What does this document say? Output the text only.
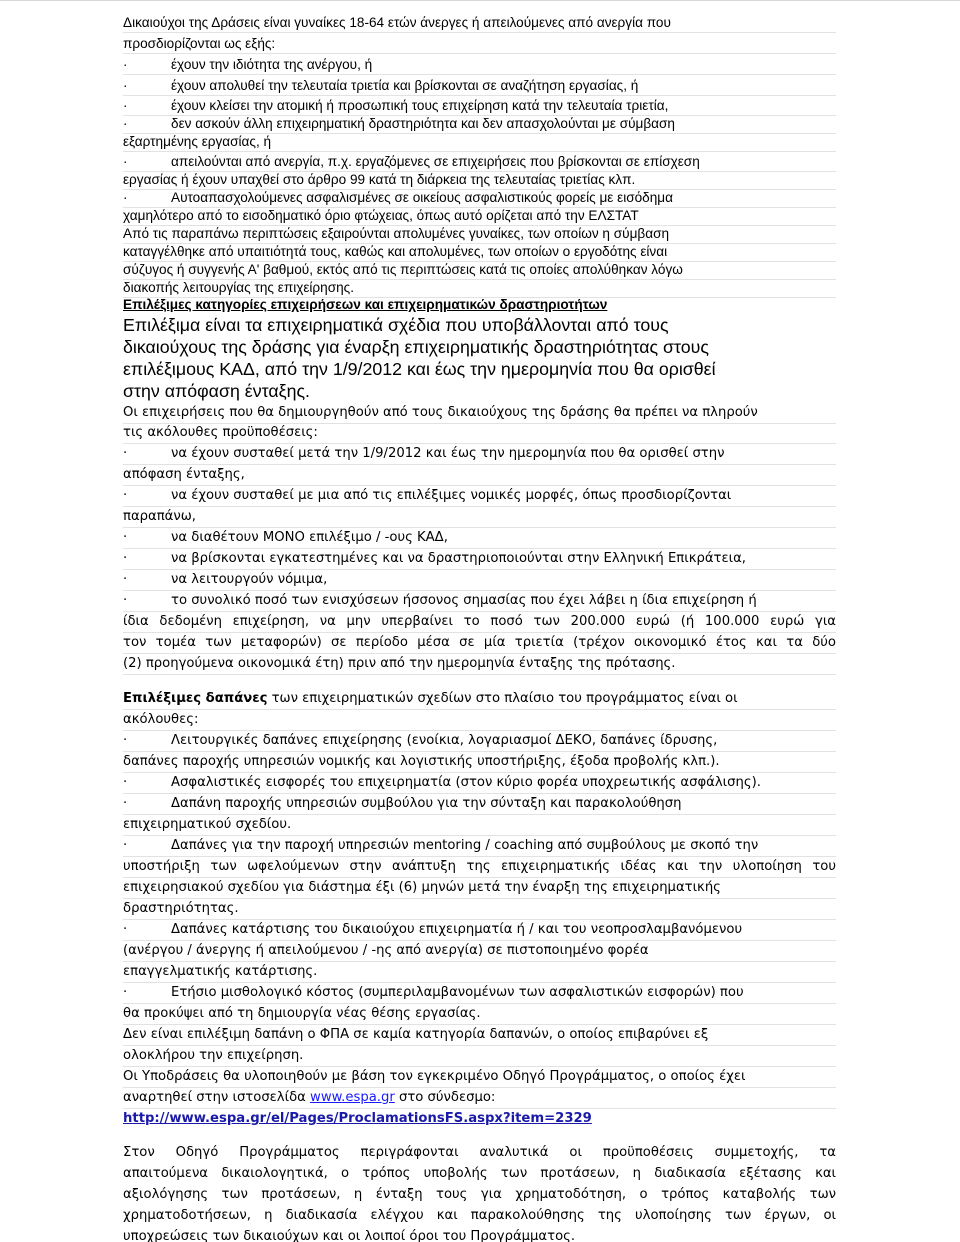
Δικαιούχοι της Δράσεις είναι γυναίκες 18-64 ετών άνεργες ή απειλούμενες από ανεργία που
προσδιορίζονται ως εξής:
·	έχουν την ιδιότητα της ανέργου, ή
·	έχουν απολυθεί την τελευταία τριετία και βρίσκονται σε αναζήτηση εργασίας, ή
·	έχουν κλείσει την ατομική ή προσωπική τους επιχείρηση κατά την τελευταία τριετία,
·	δεν ασκούν άλλη επιχειρηματική δραστηριότητα και δεν απασχολούνται με σύμβαση
εξαρτημένης εργασίας, ή
·	απειλούνται από ανεργία, π.χ. εργαζόμενες σε επιχειρήσεις που βρίσκονται σε επίσχεση
εργασίας ή έχουν υπαχθεί στο άρθρο 99 κατά τη διάρκεια της τελευταίας τριετίας κλπ.
·	Αυτοαπασχολούμενες ασφαλισμένες σε οικείους ασφαλιστικούς φορείς με εισόδημα
χαμηλότερο από το εισοδηματικό όριο φτώχειας, όπως αυτό ορίζεται από την ΕΛΣΤΑΤ
Από τις παραπάνω περιπτώσεις εξαιρούνται απολυμένες γυναίκες, των οποίων η σύμβαση
καταγγέλθηκε από υπαιτιότητά τους, καθώς και απολυμένες, των οποίων ο εργοδότης είναι
σύζυγος ή συγγενής Α' βαθμού, εκτός από τις περιπτώσεις κατά τις οποίες απολύθηκαν λόγω
διακοπής λειτουργίας της επιχείρησης.
Επιλέξιμες κατηγορίες επιχειρήσεων και επιχειρηματικών δραστηριοτήτων
Επιλέξιμα είναι τα επιχειρηματικά σχέδια που υποβάλλονται από τους
δικαιούχους της δράσης για έναρξη επιχειρηματικής δραστηριότητας στους
επιλέξιμους ΚΑΔ, από την 1/9/2012 και έως την ημερομηνία που θα ορισθεί
στην απόφαση ένταξης.
Οι επιχειρήσεις που θα δημιουργηθούν από τους δικαιούχους της δράσης θα πρέπει να πληρούν
τις ακόλουθες προϋποθέσεις:
·	να έχουν συσταθεί μετά την 1/9/2012 και έως την ημερομηνία που θα ορισθεί στην
απόφαση ένταξης,
·	να έχουν συσταθεί με μια από τις επιλέξιμες νομικές μορφές, όπως προσδιορίζονται
παραπάνω,
·	να διαθέτουν ΜΟΝΟ επιλέξιμο / -ους ΚΑΔ,
·	να βρίσκονται εγκατεστημένες και να δραστηριοποιούνται στην Ελληνική Επικράτεια,
·	να λειτουργούν νόμιμα,
·	το συνολικό ποσό των ενισχύσεων ήσσονος σημασίας που έχει λάβει η ίδια επιχείρηση ή
ίδια δεδομένη επιχείρηση, να μην υπερβαίνει το ποσό των 200.000 ευρώ (ή 100.000 ευρώ για
τον τομέα των μεταφορών) σε περίοδο μέσα σε μία τριετία (τρέχον οικονομικό έτος και τα δύο
(2) προηγούμενα οικονομικά έτη) πριν από την ημερομηνία ένταξης της πρότασης.
Επιλέξιμες δαπάνες των επιχειρηματικών σχεδίων στο πλαίσιο του προγράμματος είναι οι
ακόλουθες:
·	Λειτουργικές δαπάνες επιχείρησης (ενοίκια, λογαριασμοί ΔΕΚΟ, δαπάνες ίδρυσης,
δαπάνες παροχής υπηρεσιών νομικής και λογιστικής υποστήριξης, έξοδα προβολής κλπ.).
·	Ασφαλιστικές εισφορές του επιχειρηματία (στον κύριο φορέα υποχρεωτικής ασφάλισης).
·	Δαπάνη παροχής υπηρεσιών συμβούλου για την σύνταξη και παρακολούθηση
επιχειρηματικού σχεδίου.
·	Δαπάνες για την παροχή υπηρεσιών mentoring / coaching από συμβούλους με σκοπό την
υποστήριξη των ωφελούμενων στην ανάπτυξη της επιχειρηματικής ιδέας και την υλοποίηση του
επιχειρησιακού σχεδίου για διάστημα έξι (6) μηνών μετά την έναρξη της επιχειρηματικής
δραστηριότητας.
·	Δαπάνες κατάρτισης του δικαιούχου επιχειρηματία ή / και του νεοπροσλαμβανόμενου
(ανέργου / άνεργης ή απειλούμενου / -ης από ανεργία) σε πιστοποιημένο φορέα
επαγγελματικής κατάρτισης.
·	Ετήσιο μισθολογικό κόστος (συμπεριλαμβανομένων των ασφαλιστικών εισφορών) που
θα προκύψει από τη δημιουργία νέας θέσης εργασίας.
Δεν είναι επιλέξιμη δαπάνη ο ΦΠΑ σε καμία κατηγορία δαπανών, ο οποίος επιβαρύνει εξ
ολοκλήρου την επιχείρηση.
Οι Υποδράσεις θα υλοποιηθούν με βάση τον εγκεκριμένο Οδηγό Προγράμματος, ο οποίος έχει
αναρτηθεί στην ιστοσελίδα www.espa.gr στο σύνδεσμο:
http://www.espa.gr/el/Pages/ProclamationsFS.aspx?item=2329
Στον Οδηγό Προγράμματος περιγράφονται αναλυτικά οι προϋποθέσεις συμμετοχής, τα
απαιτούμενα δικαιολογητικά, ο τρόπος υποβολής των προτάσεων, η διαδικασία εξέτασης και
αξιολόγησης των προτάσεων, η ένταξη τους για χρηματοδότηση, ο τρόπος καταβολής των
χρηματοδοτήσεων, η διαδικασία ελέγχου και παρακολούθησης της υλοποίησης των έργων, οι
υποχρεώσεις των δικαιούχων και οι λοιποί όροι του Προγράμματος.
